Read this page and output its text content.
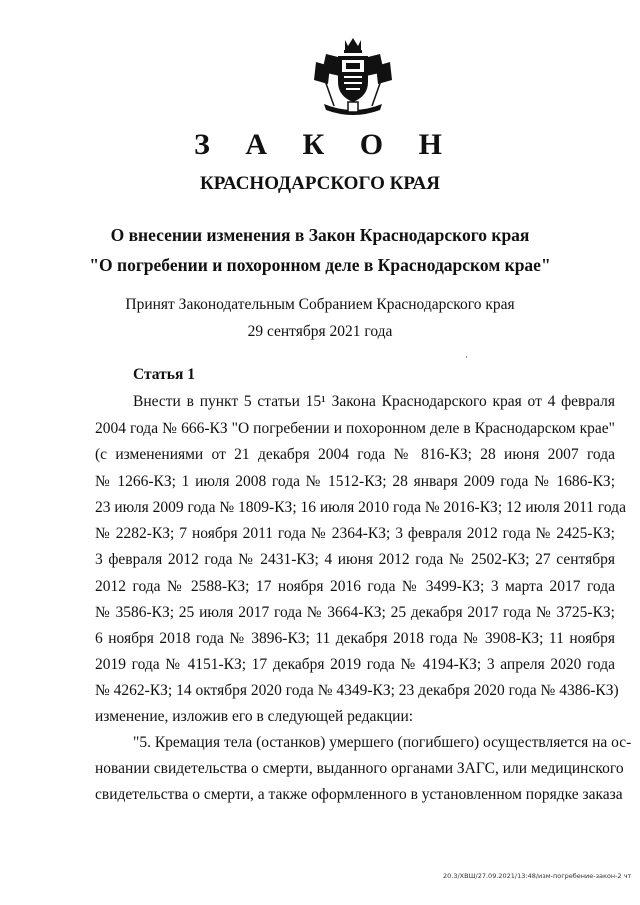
З А К О Н
КРАСНОДАРСКОГО КРАЯ
О внесении изменения в Закон Краснодарского края
"О погребении и похоронном деле в Краснодарском крае"
Принят Законодательным Собранием Краснодарского края
29 сентября 2021 года
Статья 1
Внести в пункт 5 статьи 15¹ Закона Краснодарского края от 4 февраля
2004 года № 666-КЗ "О погребении и похоронном деле в Краснодарском крае"
(с изменениями от 21 декабря 2004 года № 816-КЗ; 28 июня 2007 года
№ 1266-КЗ; 1 июля 2008 года № 1512-КЗ; 28 января 2009 года № 1686-КЗ;
23 июля 2009 года № 1809-КЗ; 16 июля 2010 года № 2016-КЗ; 12 июля 2011 года
№ 2282-КЗ; 7 ноября 2011 года № 2364-КЗ; 3 февраля 2012 года № 2425-КЗ;
3 февраля 2012 года № 2431-КЗ; 4 июня 2012 года № 2502-КЗ; 27 сентября
2012 года № 2588-КЗ; 17 ноября 2016 года № 3499-КЗ; 3 марта 2017 года
№ 3586-КЗ; 25 июля 2017 года № 3664-КЗ; 25 декабря 2017 года № 3725-КЗ;
6 ноября 2018 года № 3896-КЗ; 11 декабря 2018 года № 3908-КЗ; 11 ноября
2019 года № 4151-КЗ; 17 декабря 2019 года № 4194-КЗ; 3 апреля 2020 года
№ 4262-КЗ; 14 октября 2020 года № 4349-КЗ; 23 декабря 2020 года № 4386-КЗ)
изменение, изложив его в следующей редакции:
"5. Кремация тела (останков) умершего (погибшего) осуществляется на ос-
новании свидетельства о смерти, выданного органами ЗАГС, или медицинского
свидетельства о смерти, а также оформленного в установленном порядке заказа
20.3/ХВШ/27.09.2021/13:48/изм-погребение-закон-2 чт
